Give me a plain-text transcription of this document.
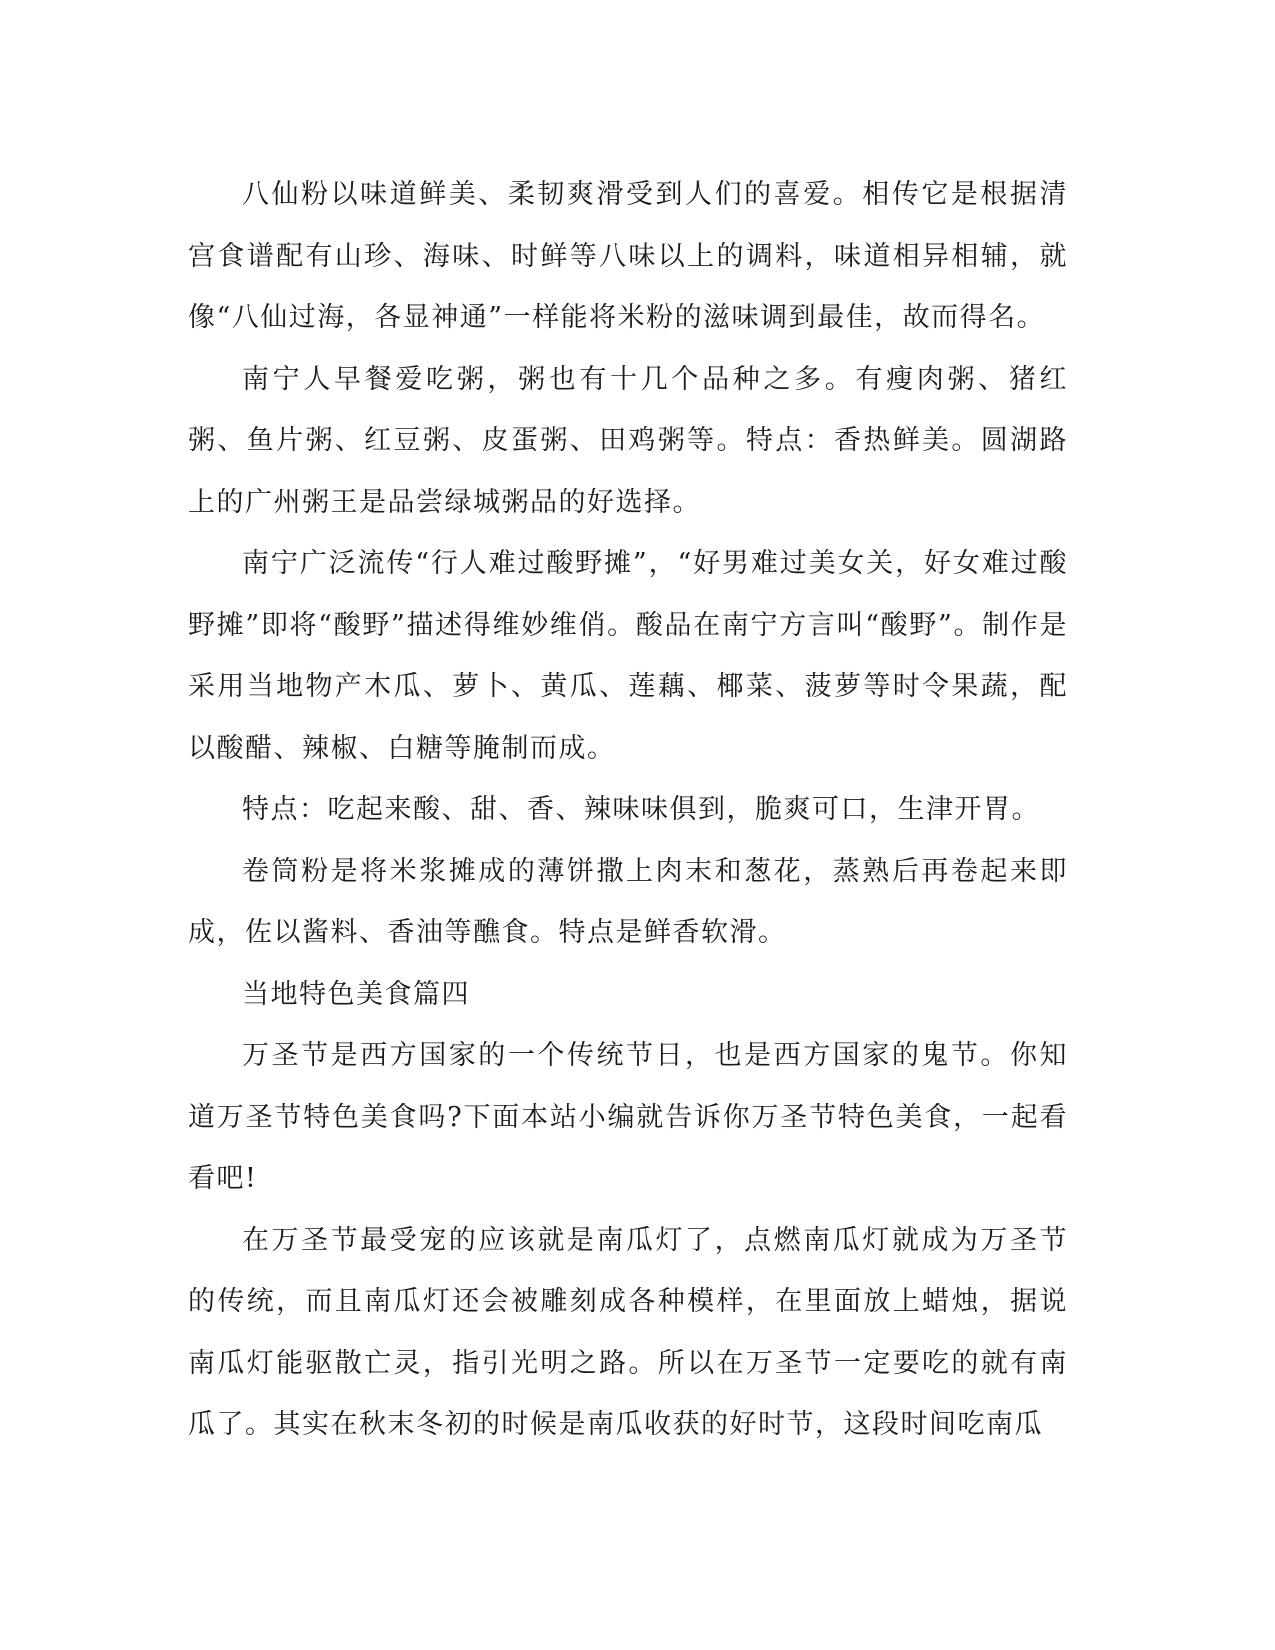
八仙粉以味道鲜美、柔韧爽滑受到人们的喜爱。相传它是根据清宫食谱配有山珍、海味、时鲜等八味以上的调料，味道相异相辅，就像“八仙过海，各显神通”一样能将米粉的滋味调到最佳，故而得名。

南宁人早餐爱吃粥，粥也有十几个品种之多。有瘦肉粥、猪红粥、鱼片粥、红豆粥、皮蛋粥、田鸡粥等。特点：香热鲜美。圆湖路上的广州粥王是品尝绿城粥品的好选择。

南宁广泛流传“行人难过酸野摊”，“好男难过美女关，好女难过酸野摊”即将“酸野”描述得维妙维俏。酸品在南宁方言叫“酸野”。制作是采用当地物产木瓜、萝卜、黄瓜、莲藕、椰菜、菠萝等时令果蔬，配以酸醋、辣椒、白糖等腌制而成。

特点：吃起来酸、甜、香、辣味味俱到，脆爽可口，生津开胃。

卷筒粉是将米浆摊成的薄饼撒上肉末和葱花，蒸熟后再卷起来即成，佐以酱料、香油等醮食。特点是鲜香软滑。

当地特色美食篇四

万圣节是西方国家的一个传统节日，也是西方国家的鬼节。你知道万圣节特色美食吗?下面本站小编就告诉你万圣节特色美食，一起看看吧!

在万圣节最受宠的应该就是南瓜灯了，点燃南瓜灯就成为万圣节的传统，而且南瓜灯还会被雕刻成各种模样，在里面放上蜡烛，据说南瓜灯能驱散亡灵，指引光明之路。所以在万圣节一定要吃的就有南瓜了。其实在秋末冬初的时候是南瓜收获的好时节，这段时间吃南瓜
